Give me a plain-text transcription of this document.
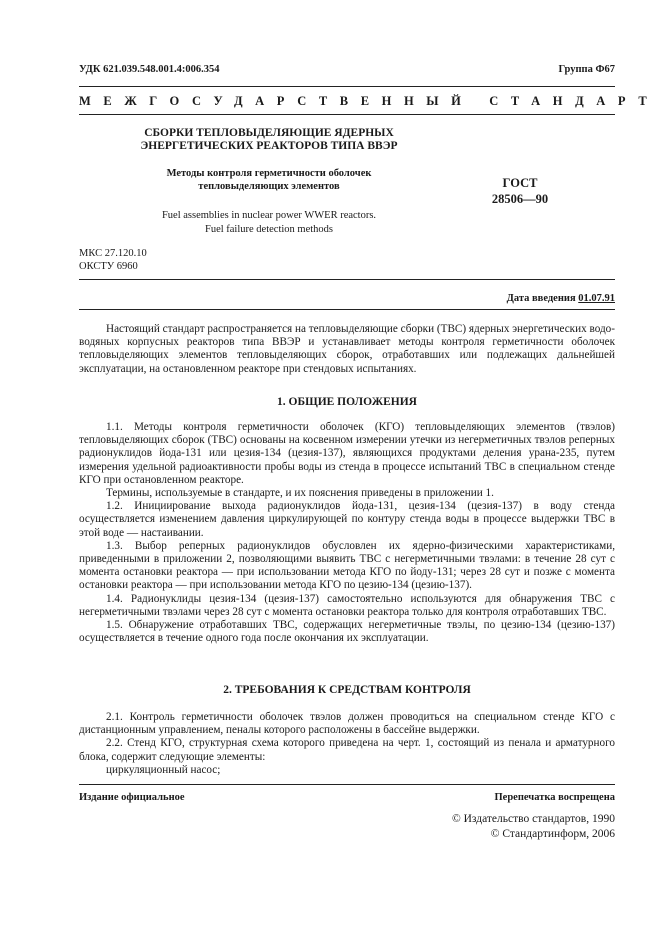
УДК 621.039.548.001.4:006.354	Группа Ф67
МЕЖГОСУДАРСТВЕННЫЙ СТАНДАРТ
СБОРКИ ТЕПЛОВЫДЕЛЯЮЩИЕ ЯДЕРНЫХ
ЭНЕРГЕТИЧЕСКИХ РЕАКТОРОВ ТИПА ВВЭР
Методы контроля герметичности оболочек
тепловыделяющих элементов
Fuel assemblies in nuclear power WWER reactors.
Fuel failure detection methods
ГОСТ
28506—90
МКС 27.120.10
ОКСТУ 6960
Дата введения 01.07.91

Настоящий стандарт распространяется на тепловыделяющие сборки (ТВС) ядерных энергетических водо-водяных корпусных реакторов типа ВВЭР и устанавливает методы контроля герметичности оболочек тепловыделяющих элементов тепловыделяющих сборок, отработавших или подлежащих дальнейшей эксплуатации, на остановленном реакторе при стендовых испытаниях.

1. ОБЩИЕ ПОЛОЖЕНИЯ

1.1. Методы контроля герметичности оболочек (КГО) тепловыделяющих элементов (твэлов) тепловыделяющих сборок (ТВС) основаны на косвенном измерении утечки из негерметичных твэлов реперных радионуклидов йода-131 или цезия-134 (цезия-137), являющихся продуктами деления урана-235, путем измерения удельной радиоактивности пробы воды из стенда в процессе испытаний ТВС в специальном стенде КГО при остановленном реакторе.

Термины, используемые в стандарте, и их пояснения приведены в приложении 1.

1.2. Инициирование выхода радионуклидов йода-131, цезия-134 (цезия-137) в воду стенда осуществляется изменением давления циркулирующей по контуру стенда воды в процессе выдержки ТВС в этой воде — настаивании.

1.3. Выбор реперных радионуклидов обусловлен их ядерно-физическими характеристиками, приведенными в приложении 2, позволяющими выявить ТВС с негерметичными твэлами: в течение 28 сут с момента остановки реактора — при использовании метода КГО по йоду-131; через 28 сут и позже с момента остановки реактора — при использовании метода КГО по цезию-134 (цезию-137).

1.4. Радионуклиды цезия-134 (цезия-137) самостоятельно используются для обнаружения ТВС с негерметичными твэлами через 28 сут с момента остановки реактора только для контроля отработавших ТВС.

1.5. Обнаружение отработавших ТВС, содержащих негерметичные твэлы, по цезию-134 (цезию-137) осуществляется в течение одного года после окончания их эксплуатации.

2. ТРЕБОВАНИЯ К СРЕДСТВАМ КОНТРОЛЯ

2.1. Контроль герметичности оболочек твэлов должен проводиться на специальном стенде КГО с дистанционным управлением, пеналы которого расположены в бассейне выдержки.

2.2. Стенд КГО, структурная схема которого приведена на черт. 1, состоящий из пенала и арматурного блока, содержит следующие элементы:

циркуляционный насос;

Издание официальное	Перепечатка воспрещена
© Издательство стандартов, 1990
© Стандартинформ, 2006
